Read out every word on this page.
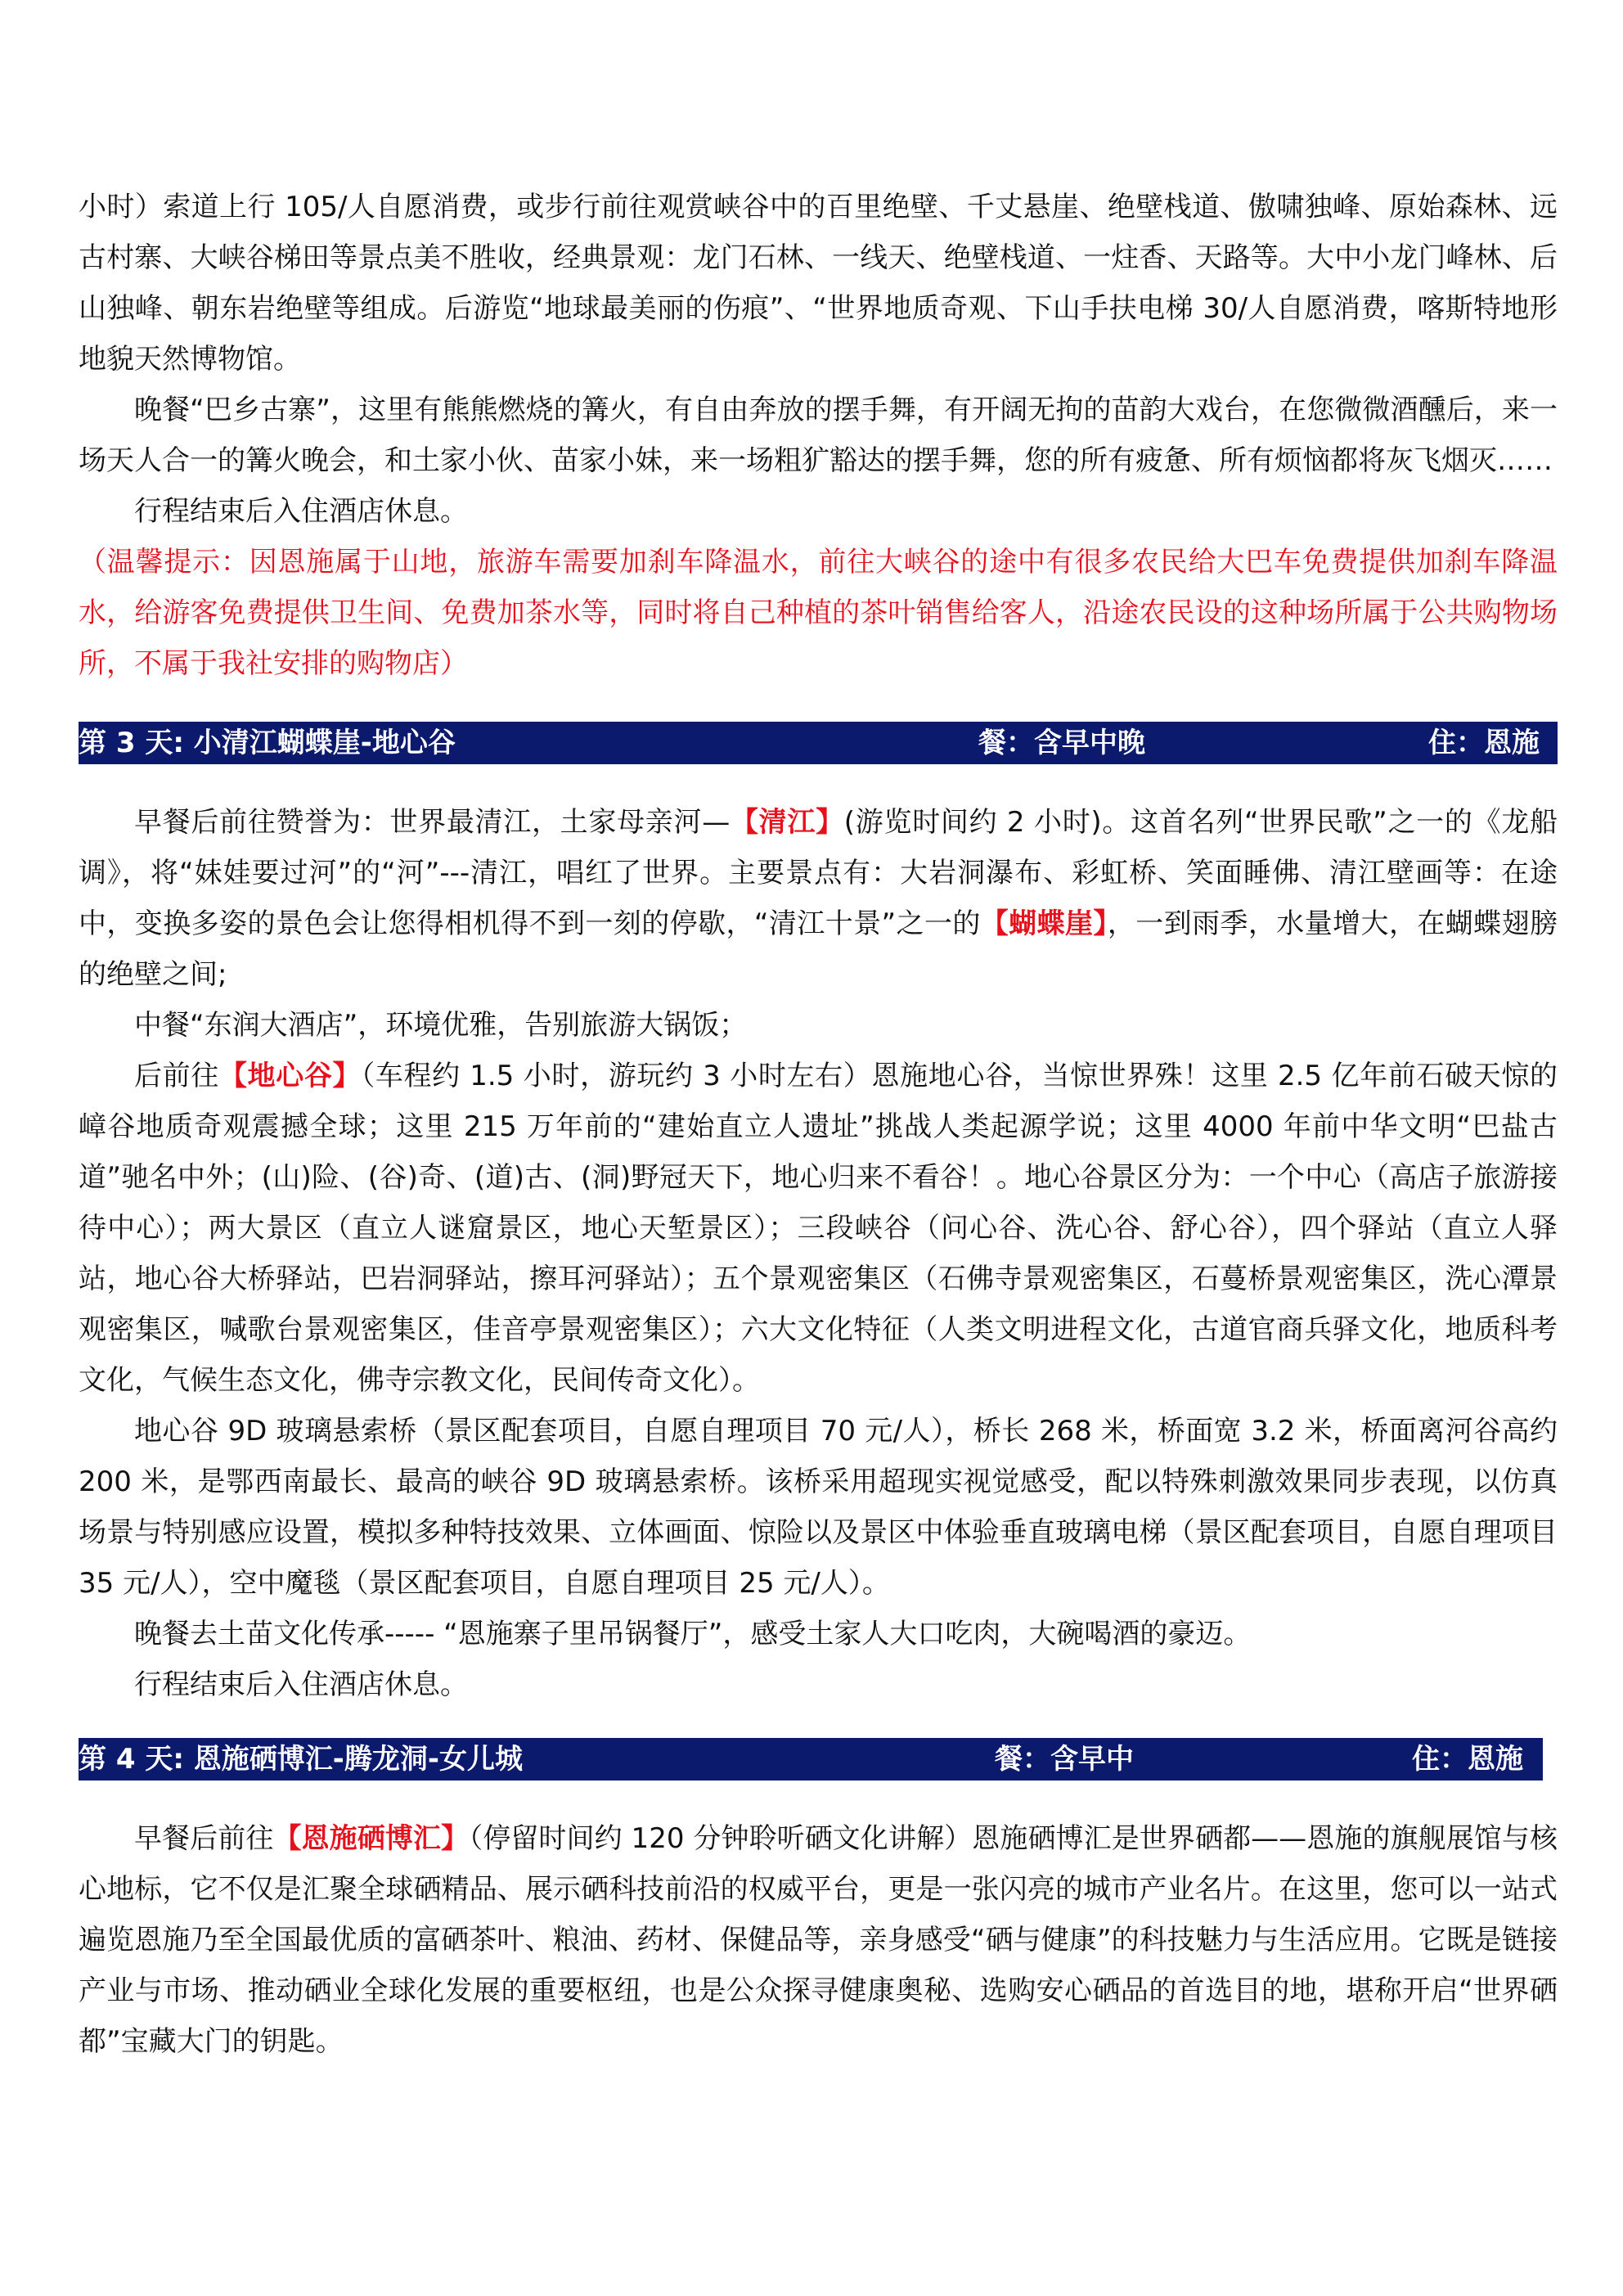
小时）索道上行 105/人自愿消费，或步行前往观赏峡谷中的百里绝壁、千丈悬崖、绝壁栈道、傲啸独峰、原始森林、远古村寨、大峡谷梯田等景点美不胜收，经典景观：龙门石林、一线天、绝壁栈道、一炷香、天路等。大中小龙门峰林、后山独峰、朝东岩绝壁等组成。后游览“地球最美丽的伤痕”、“世界地质奇观、下山手扶电梯 30/人自愿消费，喀斯特地形地貌天然博物馆。

晚餐“巴乡古寨”，这里有熊熊燃烧的篝火，有自由奔放的摆手舞，有开阔无拘的苗韵大戏台，在您微微酒醺后，来一场天人合一的篝火晚会，和土家小伙、苗家小妹，来一场粗犷豁达的摆手舞，您的所有疲惫、所有烦恼都将灰飞烟灭……

行程结束后入住酒店休息。

（温馨提示：因恩施属于山地，旅游车需要加刹车降温水，前往大峡谷的途中有很多农民给大巴车免费提供加刹车降温水，给游客免费提供卫生间、免费加茶水等，同时将自己种植的茶叶销售给客人，沿途农民设的这种场所属于公共购物场所，不属于我社安排的购物店）

第 3 天: 小清江蝴蝶崖-地心谷	餐：含早中晚	住：恩施

早餐后前往赞誉为：世界最清江，土家母亲河—【清江】(游览时间约 2 小时)。这首名列“世界民歌”之一的《龙船调》，将“妹娃要过河”的“河”---清江，唱红了世界。主要景点有：大岩洞瀑布、彩虹桥、笑面睡佛、清江壁画等：在途中，变换多姿的景色会让您得相机得不到一刻的停歇，“清江十景”之一的【蝴蝶崖】，一到雨季，水量增大，在蝴蝶翅膀的绝壁之间;

中餐“东润大酒店”，环境优雅，告别旅游大锅饭；

后前往【地心谷】（车程约 1.5 小时，游玩约 3 小时左右）恩施地心谷，当惊世界殊！这里 2.5 亿年前石破天惊的嶂谷地质奇观震撼全球；这里 215 万年前的“建始直立人遗址”挑战人类起源学说；这里 4000 年前中华文明“巴盐古道”驰名中外；(山)险、(谷)奇、(道)古、(洞)野冠天下，地心归来不看谷！。地心谷景区分为：一个中心（高店子旅游接待中心）；两大景区（直立人谜窟景区，地心天堑景区）；三段峡谷（问心谷、洗心谷、舒心谷），四个驿站（直立人驿站，地心谷大桥驿站，巴岩洞驿站，擦耳河驿站）；五个景观密集区（石佛寺景观密集区，石蔓桥景观密集区，洗心潭景观密集区，喊歌台景观密集区，佳音亭景观密集区）；六大文化特征（人类文明进程文化，古道官商兵驿文化，地质科考文化，气候生态文化，佛寺宗教文化，民间传奇文化）。

地心谷 9D 玻璃悬索桥（景区配套项目，自愿自理项目 70 元/人），桥长 268 米，桥面宽 3.2 米，桥面离河谷高约 200 米，是鄂西南最长、最高的峡谷 9D 玻璃悬索桥。该桥采用超现实视觉感受，配以特殊刺激效果同步表现，以仿真场景与特别感应设置，模拟多种特技效果、立体画面、惊险以及景区中体验垂直玻璃电梯（景区配套项目，自愿自理项目 35 元/人），空中魔毯（景区配套项目，自愿自理项目 25 元/人）。

晚餐去土苗文化传承----- “恩施寨子里吊锅餐厅”，感受土家人大口吃肉，大碗喝酒的豪迈。

行程结束后入住酒店休息。

第 4 天: 恩施硒博汇-腾龙洞-女儿城	餐：含早中	住：恩施

早餐后前往【恩施硒博汇】（停留时间约 120 分钟聆听硒文化讲解）恩施硒博汇是世界硒都——恩施的旗舰展馆与核心地标，它不仅是汇聚全球硒精品、展示硒科技前沿的权威平台，更是一张闪亮的城市产业名片。在这里，您可以一站式遍览恩施乃至全国最优质的富硒茶叶、粮油、药材、保健品等，亲身感受“硒与健康”的科技魅力与生活应用。它既是链接产业与市场、推动硒业全球化发展的重要枢纽，也是公众探寻健康奥秘、选购安心硒品的首选目的地，堪称开启“世界硒都”宝藏大门的钥匙。
